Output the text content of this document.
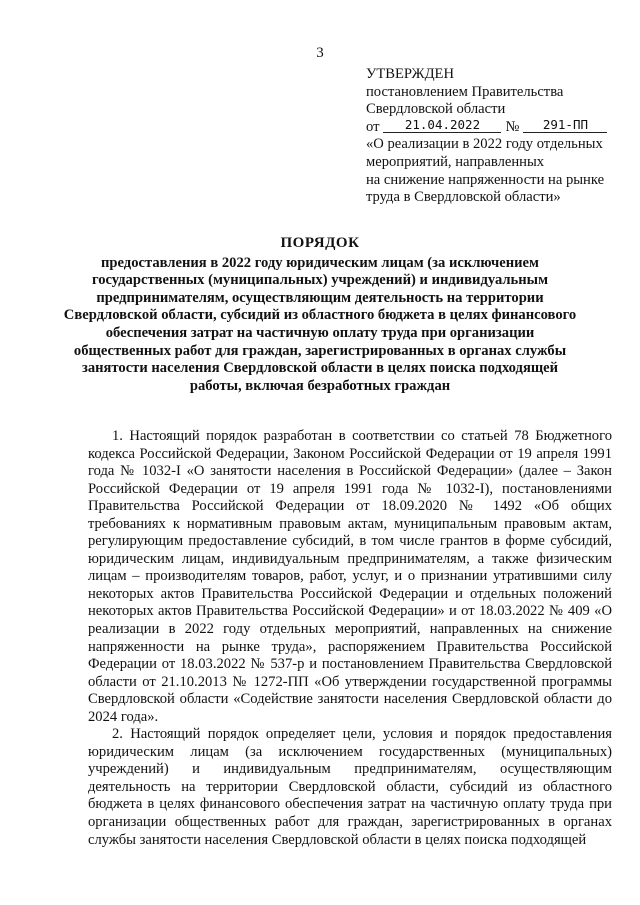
3
УТВЕРЖДЕН
постановлением Правительства
Свердловской области
от	21.04.2022	№	291-ПП
«О реализации в 2022 году отдельных
мероприятий, направленных
на снижение напряженности на рынке
труда в Свердловской области»
ПОРЯДОК
предоставления в 2022 году юридическим лицам (за исключением
государственных (муниципальных) учреждений) и индивидуальным
предпринимателям, осуществляющим деятельность на территории
Свердловской области, субсидий из областного бюджета в целях финансового
обеспечения затрат на частичную оплату труда при организации
общественных работ для граждан, зарегистрированных в органах службы
занятости населения Свердловской области в целях поиска подходящей
работы, включая безработных граждан

1. Настоящий порядок разработан в соответствии со статьей 78 Бюджетного кодекса Российской Федерации, Законом Российской Федерации от 19 апреля 1991 года № 1032-I «О занятости населения в Российской Федерации» (далее – Закон Российской Федерации от 19 апреля 1991 года № 1032-I), постановлениями Правительства Российской Федерации от 18.09.2020 № 1492 «Об общих требованиях к нормативным правовым актам, муниципальным правовым актам, регулирующим предоставление субсидий, в том числе грантов в форме субсидий, юридическим лицам, индивидуальным предпринимателям, а также физическим лицам – производителям товаров, работ, услуг, и о признании утратившими силу некоторых актов Правительства Российской Федерации и отдельных положений некоторых актов Правительства Российской Федерации» и от 18.03.2022 № 409 «О реализации в 2022 году отдельных мероприятий, направленных на снижение напряженности на рынке труда», распоряжением Правительства Российской Федерации от 18.03.2022 № 537-р и постановлением Правительства Свердловской области от 21.10.2013 № 1272-ПП «Об утверждении государственной программы Свердловской области «Содействие занятости населения Свердловской области до 2024 года».

2. Настоящий порядок определяет цели, условия и порядок предоставления юридическим лицам (за исключением государственных (муниципальных) учреждений) и индивидуальным предпринимателям, осуществляющим деятельность на территории Свердловской области, субсидий из областного бюджета в целях финансового обеспечения затрат на частичную оплату труда при организации общественных работ для граждан, зарегистрированных в органах службы занятости населения Свердловской области в целях поиска подходящей
